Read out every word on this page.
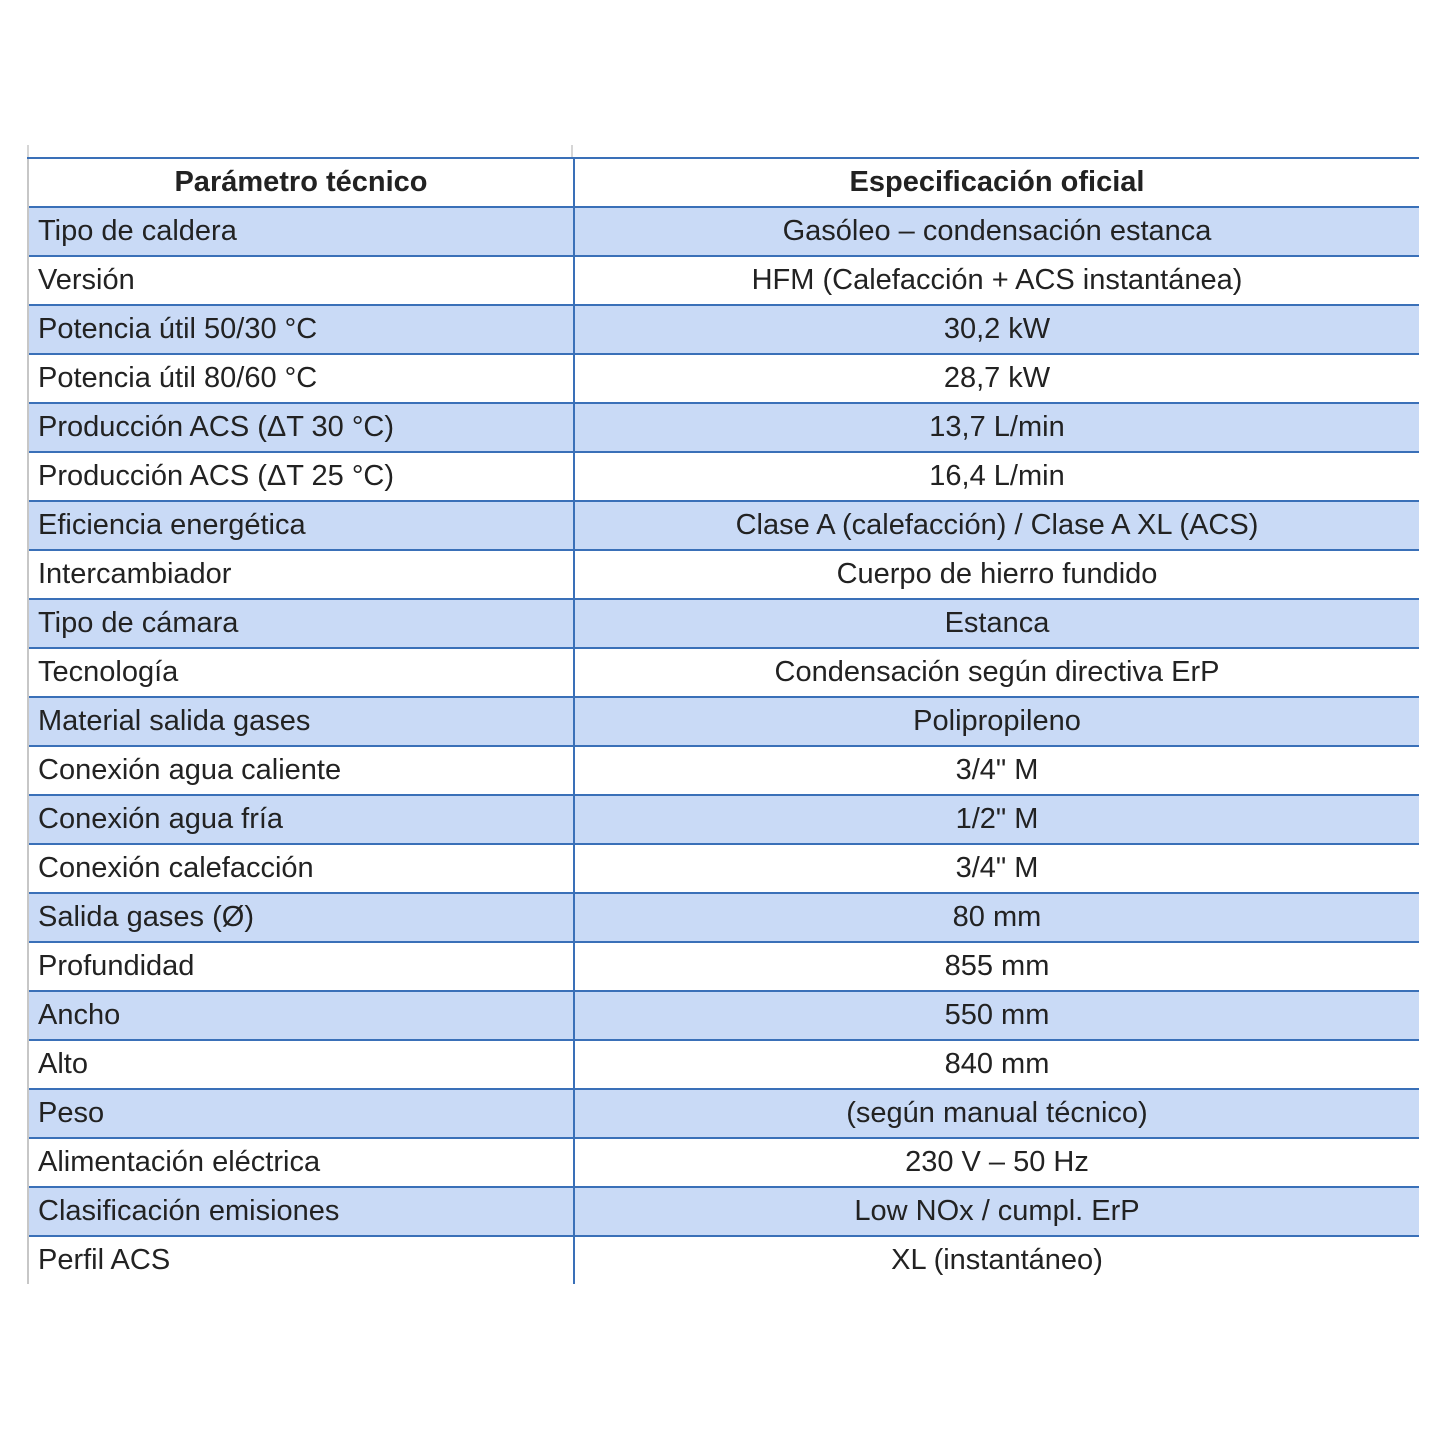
Parámetro técnico	Especificación oficial
Tipo de caldera	Gasóleo – condensación estanca
Versión	HFM (Calefacción + ACS instantánea)
Potencia útil 50/30 °C	30,2 kW
Potencia útil 80/60 °C	28,7 kW
Producción ACS (ΔT 30 °C)	13,7 L/min
Producción ACS (ΔT 25 °C)	16,4 L/min
Eficiencia energética	Clase A (calefacción) / Clase A XL (ACS)
Intercambiador	Cuerpo de hierro fundido
Tipo de cámara	Estanca
Tecnología	Condensación según directiva ErP
Material salida gases	Polipropileno
Conexión agua caliente	3/4ʺ M
Conexión agua fría	1/2ʺ M
Conexión calefacción	3/4ʺ M
Salida gases (Ø)	80 mm
Profundidad	855 mm
Ancho	550 mm
Alto	840 mm
Peso	(según manual técnico)
Alimentación eléctrica	230 V – 50 Hz
Clasificación emisiones	Low NOx / cumpl. ErP
Perfil ACS	XL (instantáneo)
